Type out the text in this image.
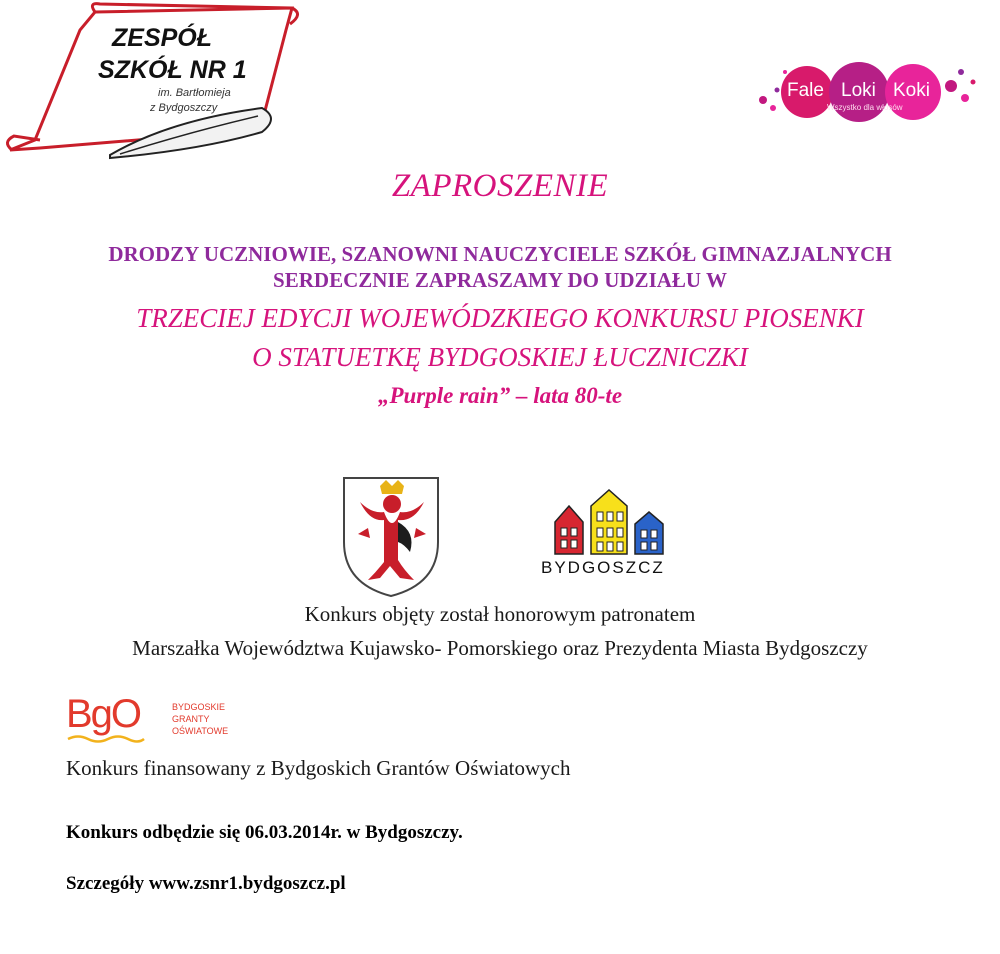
ZESPÓŁ
SZKÓŁ NR 1
im. Bartłomieja
z Bydgoszczy
Fale Loki Koki
Wszystko dla włosów
ZAPROSZENIE
DRODZY UCZNIOWIE, SZANOWNI NAUCZYCIELE SZKÓŁ GIMNAZJALNYCH
SERDECZNIE ZAPRASZAMY DO UDZIAŁU W
TRZECIEJ EDYCJI WOJEWÓDZKIEGO KONKURSU PIOSENKI
O STATUETKĘ BYDGOSKIEJ ŁUCZNICZKI
„Purple rain” – lata 80-te
BYDGOSZCZ
Konkurs objęty został honorowym patronatem
Marszałka Województwa Kujawsko- Pomorskiego oraz Prezydenta Miasta Bydgoszczy
BgO	BYDGOSKIE
GRANTY
OŚWIATOWE
Konkurs finansowany z Bydgoskich Grantów Oświatowych
Konkurs odbędzie się 06.03.2014r. w Bydgoszczy.
Szczegóły www.zsnr1.bydgoszcz.pl
